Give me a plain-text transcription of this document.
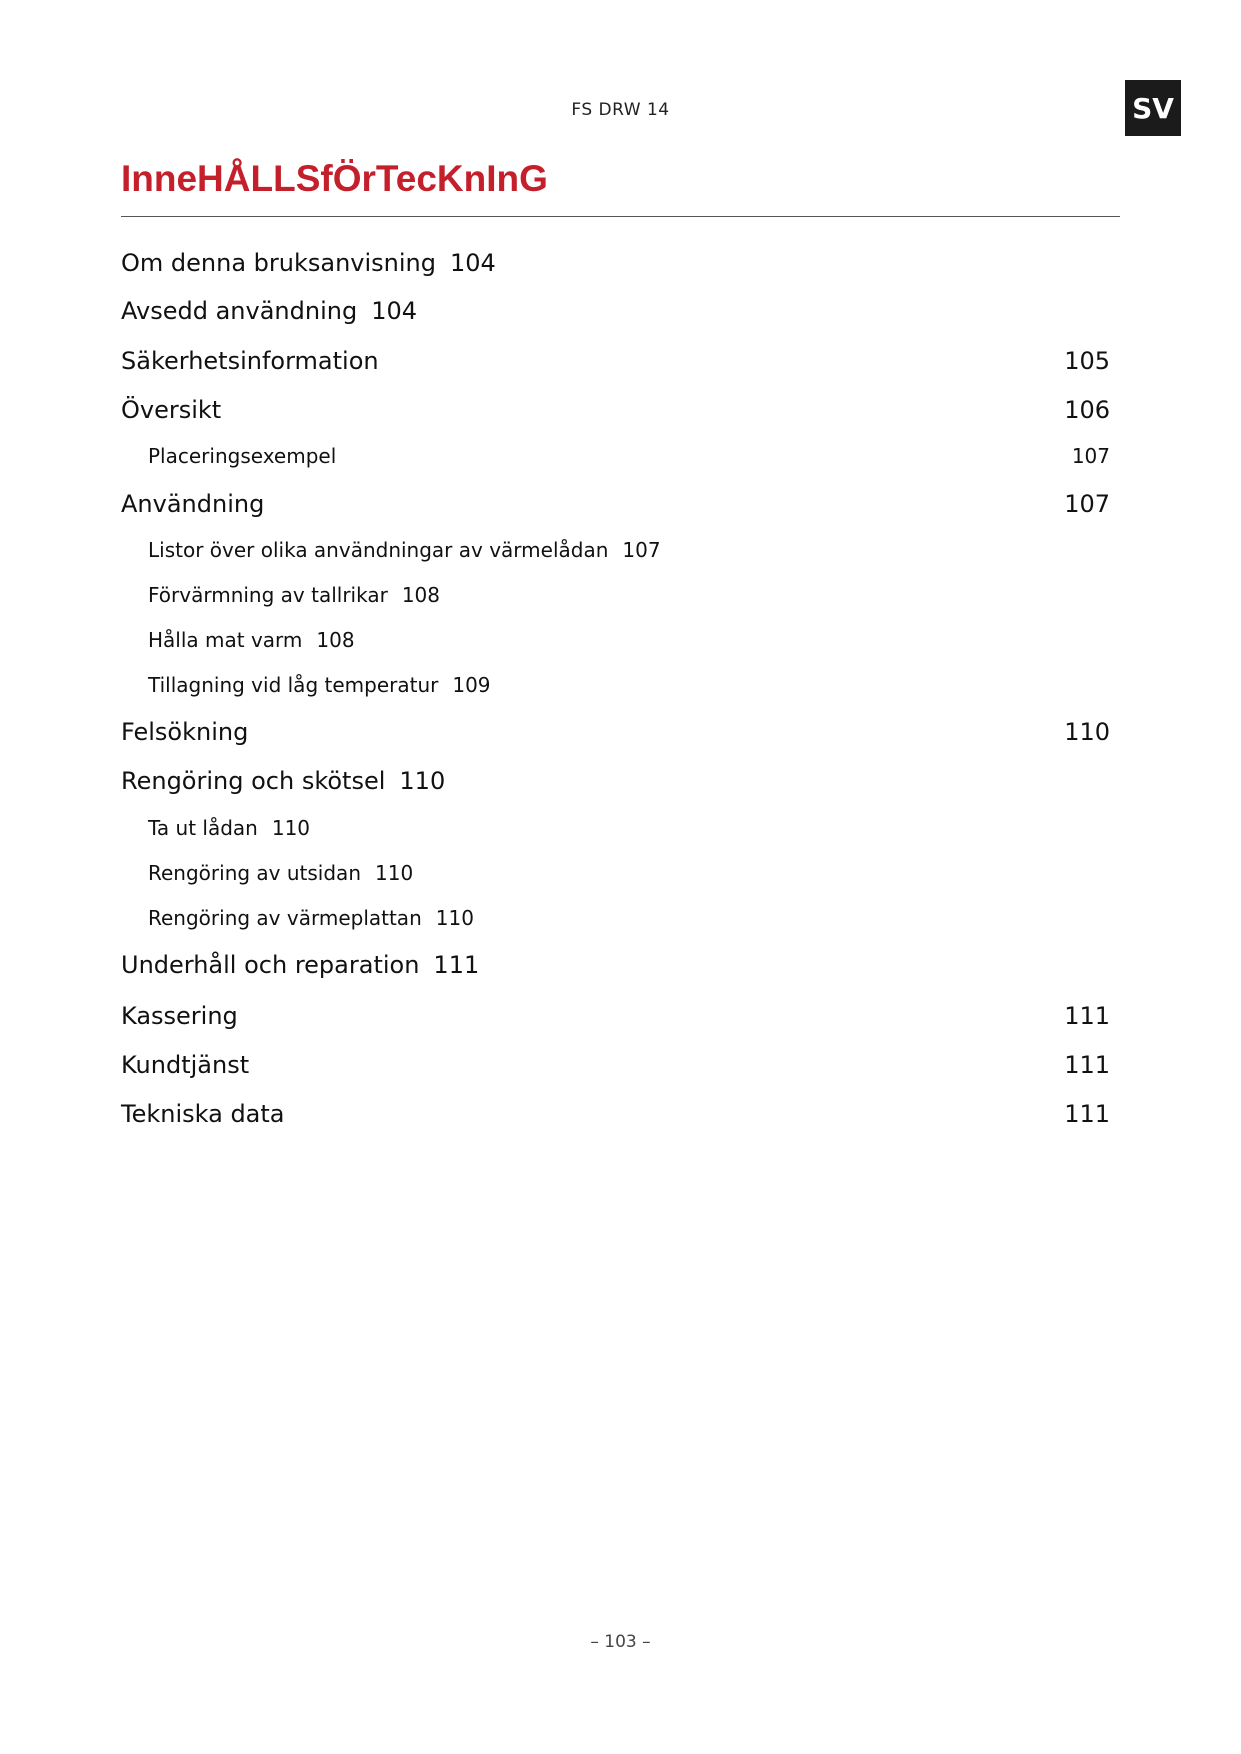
FS DRW 14	SV
InneHÅLLSfÖrTecKnInG
Om denna bruksanvisning 104
Avsedd användning 104
Säkerhetsinformation	105
Översikt	106
Placeringsexempel	107
Användning	107
Listor över olika användningar av värmelådan 107
Förvärmning av tallrikar 108
Hålla mat varm 108
Tillagning vid låg temperatur 109
Felsökning	110
Rengöring och skötsel 110
Ta ut lådan 110
Rengöring av utsidan 110
Rengöring av värmeplattan 110
Underhåll och reparation 111
Kassering	111
Kundtjänst	111
Tekniska data	111
– 103 –
